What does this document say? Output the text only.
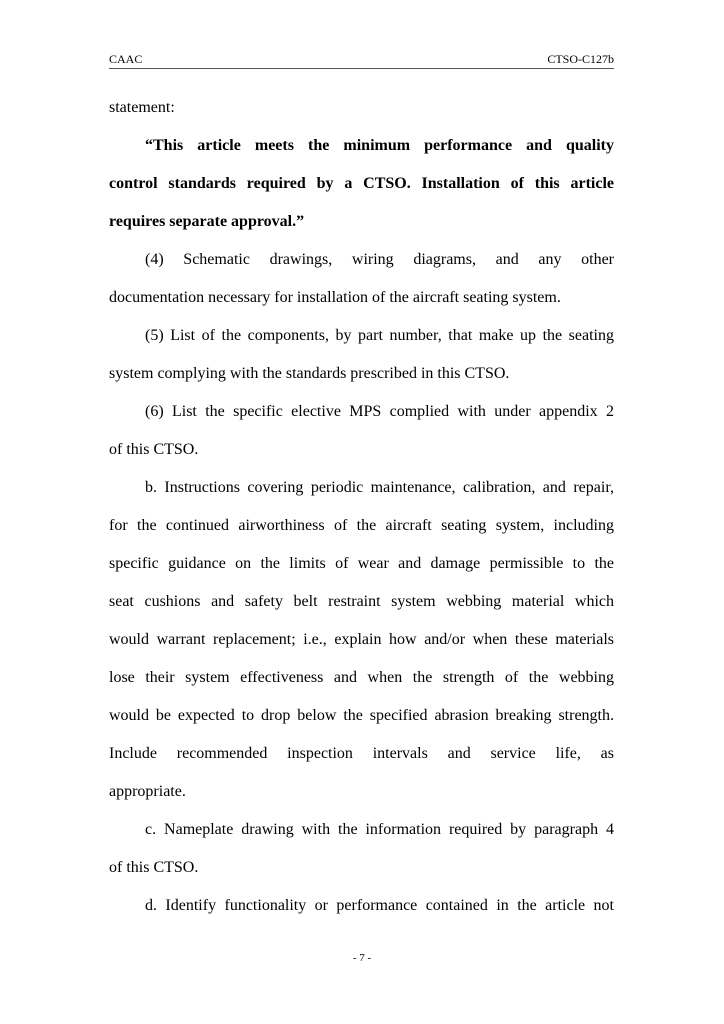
CAAC	CTSO-C127b
statement:
“This article meets the minimum performance and quality
control standards required by a CTSO. Installation of this article
requires separate approval.”
(4) Schematic drawings, wiring diagrams, and any other
documentation necessary for installation of the aircraft seating system.
(5) List of the components, by part number, that make up the seating
system complying with the standards prescribed in this CTSO.
(6) List the specific elective MPS complied with under appendix 2
of this CTSO.
b. Instructions covering periodic maintenance, calibration, and repair,
for the continued airworthiness of the aircraft seating system, including
specific guidance on the limits of wear and damage permissible to the
seat cushions and safety belt restraint system webbing material which
would warrant replacement; i.e., explain how and/or when these materials
lose their system effectiveness and when the strength of the webbing
would be expected to drop below the specified abrasion breaking strength.
Include recommended inspection intervals and service life, as
appropriate.
c. Nameplate drawing with the information required by paragraph 4
of this CTSO.
d. Identify functionality or performance contained in the article not
- 7 -
